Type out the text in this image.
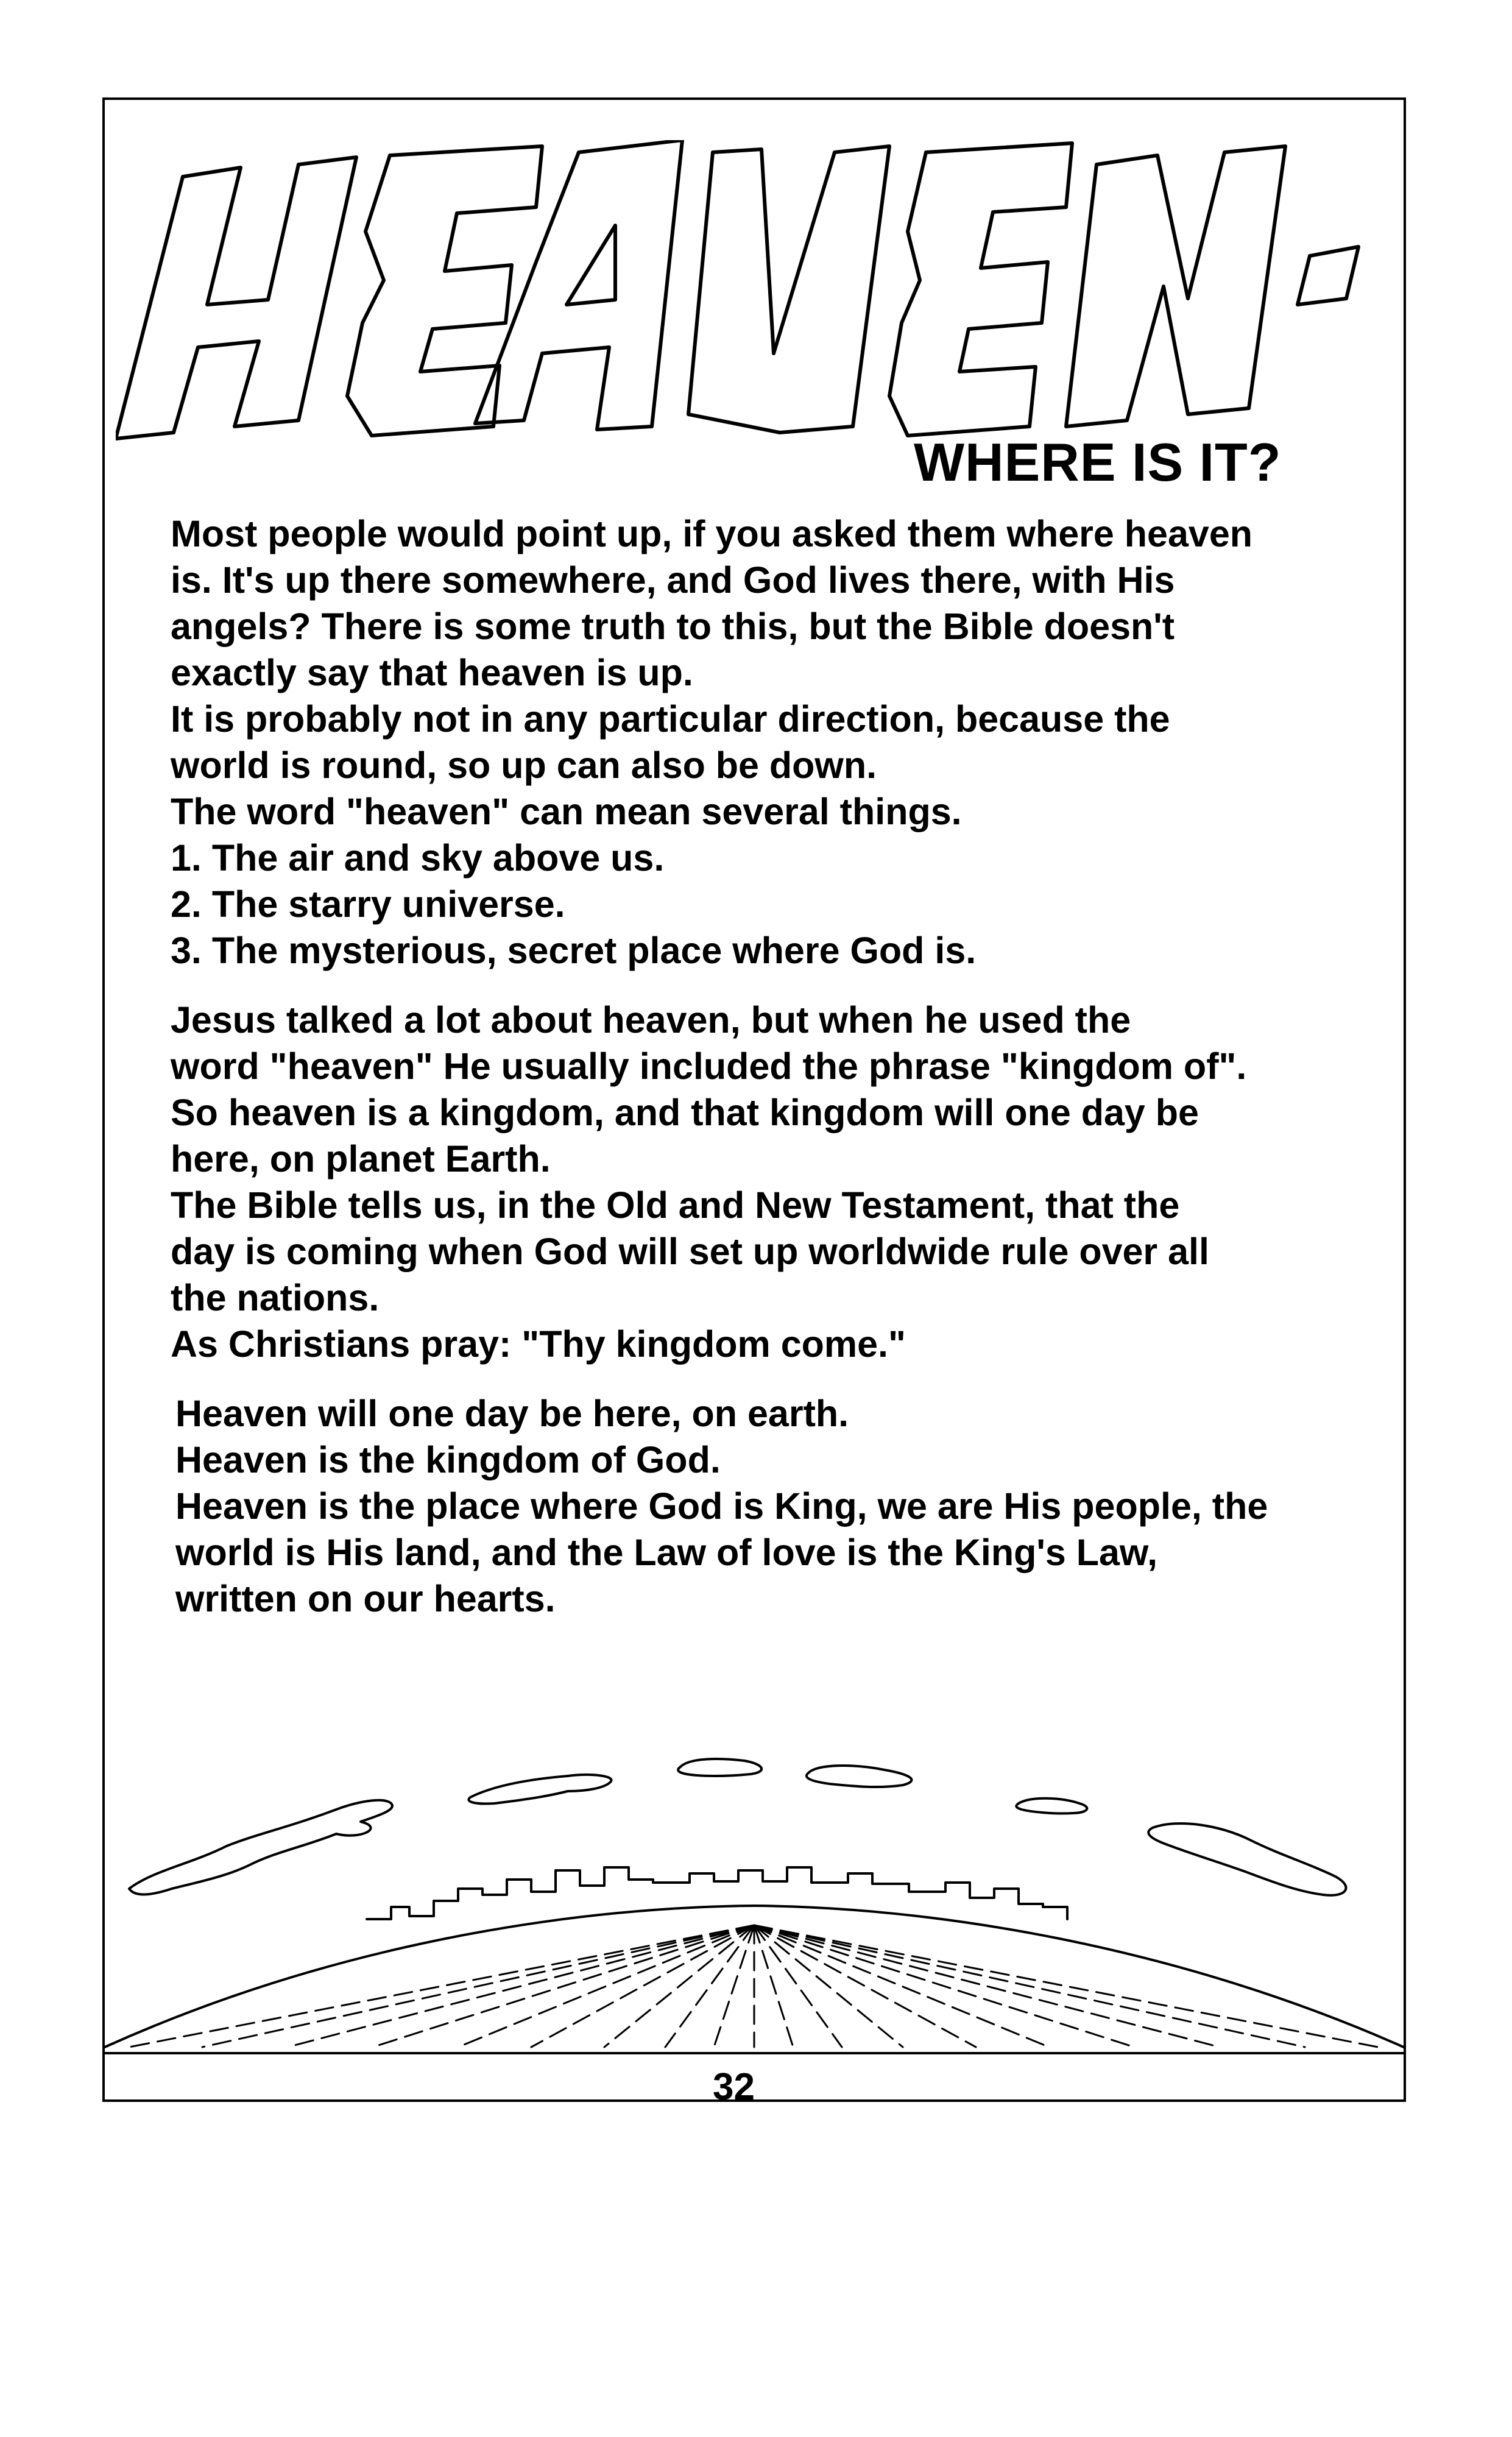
WHERE IS IT?
Most people would point up, if you asked them where heaven
is. It's up there somewhere, and God lives there, with His
angels? There is some truth to this, but the Bible doesn't
exactly say that heaven is up.
It is probably not in any particular direction, because the
world is round, so up can also be down.
The word "heaven" can mean several things.
1. The air and sky above us.
2. The starry universe.
3. The mysterious, secret place where God is.
Jesus talked a lot about heaven, but when he used the
word "heaven" He usually included the phrase "kingdom of".
So heaven is a kingdom, and that kingdom will one day be
here, on planet Earth.
The Bible tells us, in the Old and New Testament, that the
day is coming when God will set up worldwide rule over all
the nations.
As Christians pray: "Thy kingdom come."
Heaven will one day be here, on earth.
Heaven is the kingdom of God.
Heaven is the place where God is King, we are His people, the
world is His land, and the Law of love is the King's Law,
written on our hearts.
32
